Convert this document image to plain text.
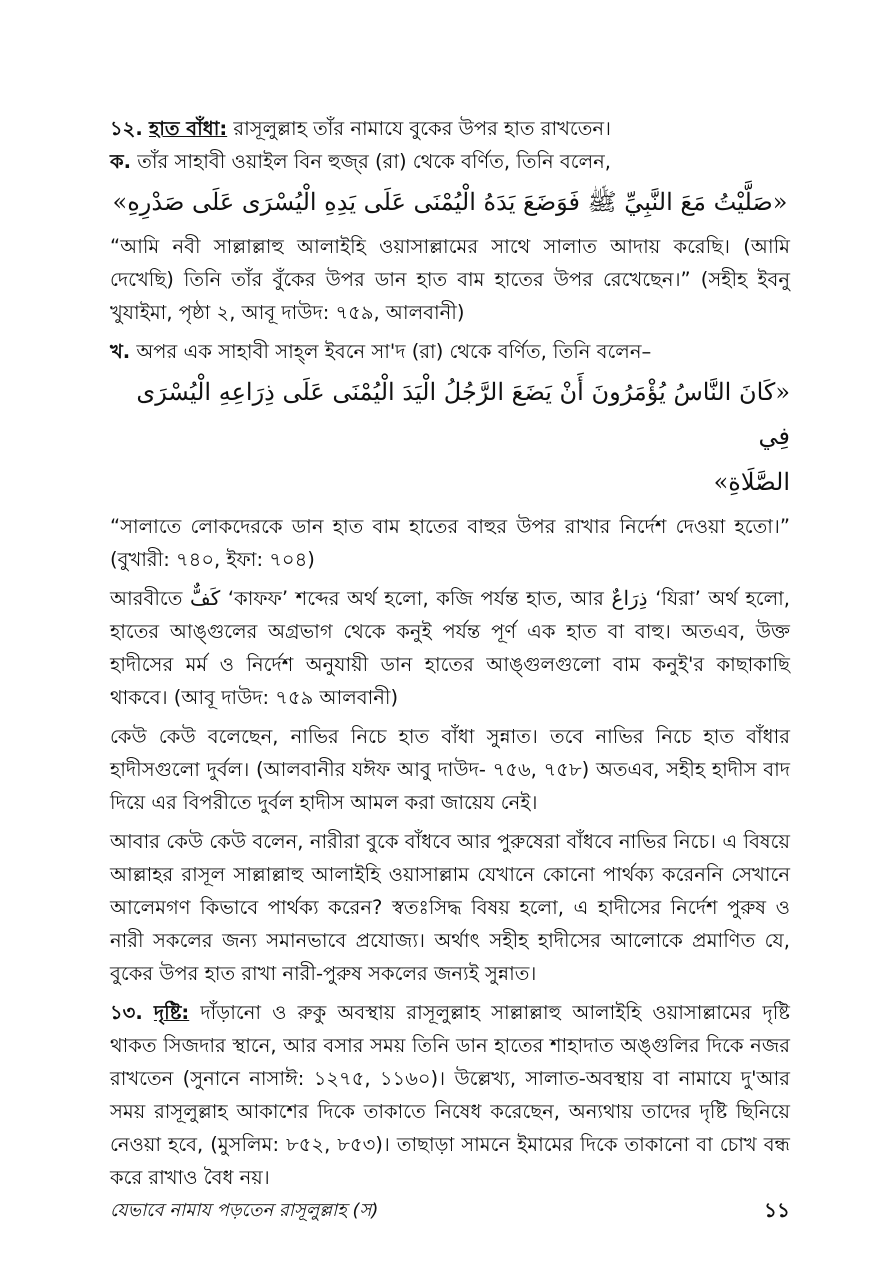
১২. হাত বাঁধা: রাসূলুল্লাহ তাঁর নামাযে বুকের উপর হাত রাখতেন।

ক. তাঁর সাহাবী ওয়াইল বিন হুজ্‌র (রা) থেকে বর্ণিত, তিনি বলেন,

«صَلَّيْتُ مَعَ النَّبِيِّ ﷺ فَوَضَعَ يَدَهُ الْيُمْنَى عَلَى يَدِهِ الْيُسْرَى عَلَى صَدْرِهِ»

“আমি নবী সাল্লাল্লাহু আলাইহি ওয়াসাল্লামের সাথে সালাত আদায় করেছি। (আমি দেখেছি) তিনি তাঁর বুঁকের উপর ডান হাত বাম হাতের উপর রেখেছেন।” (সহীহ ইবনু খুযাইমা, পৃষ্ঠা ২, আবূ দাউদ: ৭৫৯, আলবানী)

খ. অপর এক সাহাবী সাহ্‌ল ইবনে সা'দ (রা) থেকে বর্ণিত, তিনি বলেন–

«كَانَ النَّاسُ يُؤْمَرُونَ أَنْ يَضَعَ الرَّجُلُ الْيَدَ الْيُمْنَى عَلَى ذِرَاعِهِ الْيُسْرَى فِي

الصَّلَاةِ»

“সালাতে লোকদেরকে ডান হাত বাম হাতের বাহুর উপর রাখার নির্দেশ দেওয়া হতো।” (বুখারী: ৭৪০, ইফা: ৭০৪)

আরবীতে كَفٌّ ‘কাফফ’ শব্দের অর্থ হলো, কজি পর্যন্ত হাত, আর ذِرَاعٌ ‘যিরা’ অর্থ হলো, হাতের আঙ্গুলের অগ্রভাগ থেকে কনুই পর্যন্ত পূর্ণ এক হাত বা বাহু। অতএব, উক্ত হাদীসের মর্ম ও নির্দেশ অনুযায়ী ডান হাতের আঙ্গুলগুলো বাম কনুই'র কাছাকাছি থাকবে। (আবূ দাউদ: ৭৫৯ আলবানী)

কেউ কেউ বলেছেন, নাভির নিচে হাত বাঁধা সুন্নাত। তবে নাভির নিচে হাত বাঁধার হাদীসগুলো দুর্বল। (আলবানীর যঈফ আবু দাউদ- ৭৫৬, ৭৫৮) অতএব, সহীহ হাদীস বাদ দিয়ে এর বিপরীতে দুর্বল হাদীস আমল করা জায়েয নেই।

আবার কেউ কেউ বলেন, নারীরা বুকে বাঁধবে আর পুরুষেরা বাঁধবে নাভির নিচে। এ বিষয়ে আল্লাহর রাসূল সাল্লাল্লাহু আলাইহি ওয়াসাল্লাম যেখানে কোনো পার্থক্য করেননি সেখানে আলেমগণ কিভাবে পার্থক্য করেন? স্বতঃসিদ্ধ বিষয় হলো, এ হাদীসের নির্দেশ পুরুষ ও নারী সকলের জন্য সমানভাবে প্রযোজ্য। অর্থাৎ সহীহ হাদীসের আলোকে প্রমাণিত যে, বুকের উপর হাত রাখা নারী-পুরুষ সকলের জন্যই সুন্নাত।

১৩. দৃষ্টি: দাঁড়ানো ও রুকু অবস্থায় রাসূলুল্লাহ সাল্লাল্লাহু আলাইহি ওয়াসাল্লামের দৃষ্টি থাকত সিজদার স্থানে, আর বসার সময় তিনি ডান হাতের শাহাদাত অঙ্গুলির দিকে নজর রাখতেন (সুনানে নাসাঈ: ১২৭৫, ১১৬০)। উল্লেখ্য, সালাত-অবস্থায় বা নামাযে দু'আর সময় রাসূলুল্লাহ আকাশের দিকে তাকাতে নিষেধ করেছেন, অন্যথায় তাদের দৃষ্টি ছিনিয়ে নেওয়া হবে, (মুসলিম: ৮৫২, ৮৫৩)। তাছাড়া সামনে ইমামের দিকে তাকানো বা চোখ বন্ধ করে রাখাও বৈধ নয়।

যেভাবে নামায পড়তেন রাসূলুল্লাহ (স)	১১
